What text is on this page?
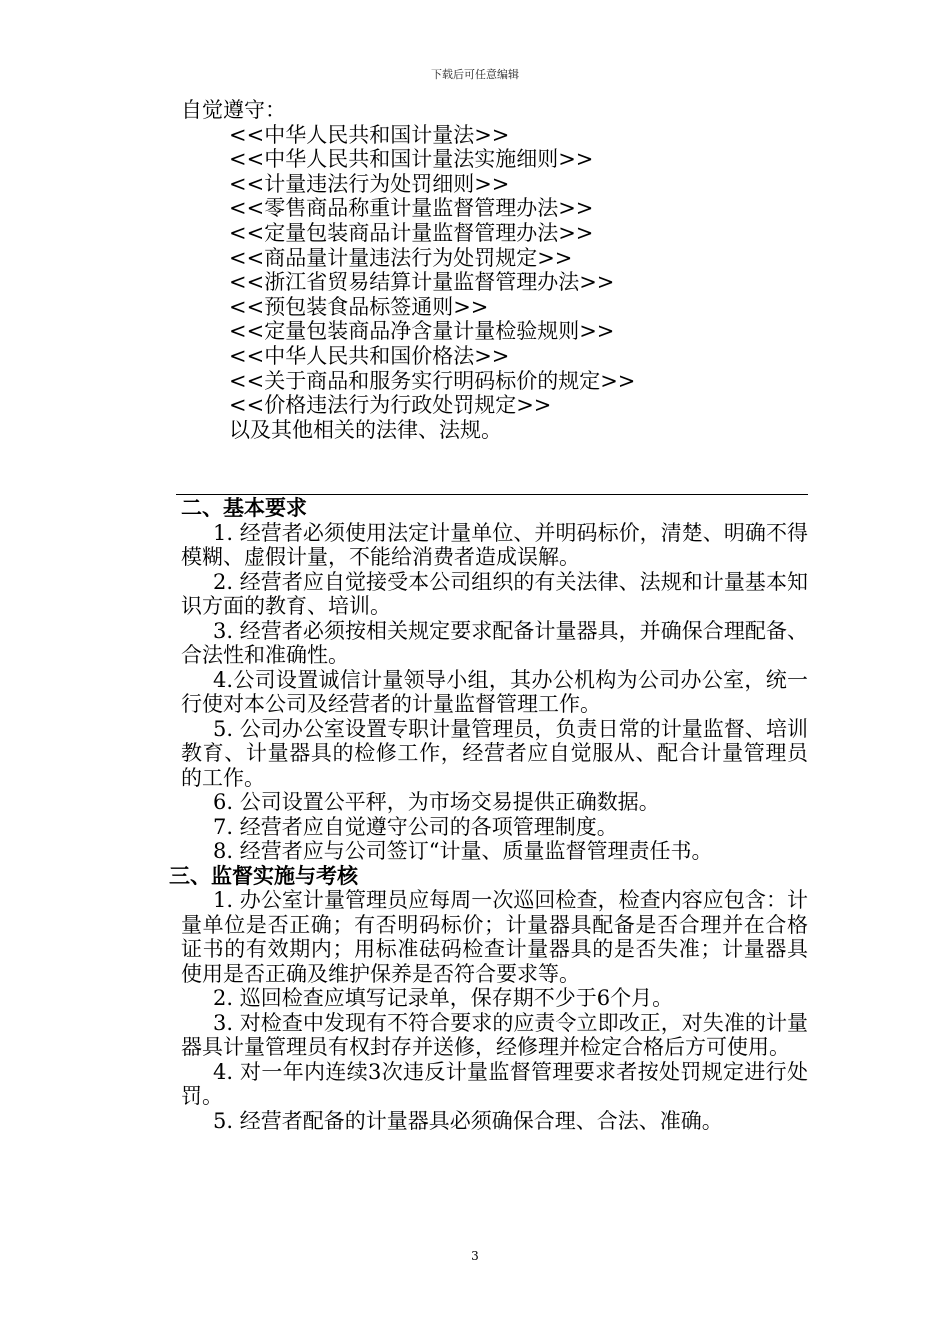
下载后可任意编辑
自觉遵守：
<<中华人民共和国计量法>>
<<中华人民共和国计量法实施细则>>
<<计量违法行为处罚细则>>
<<零售商品称重计量监督管理办法>>
<<定量包装商品计量监督管理办法>>
<<商品量计量违法行为处罚规定>>
<<浙江省贸易结算计量监督管理办法>>
<<预包装食品标签通则>>
<<定量包装商品净含量计量检验规则>>
<<中华人民共和国价格法>>
<<关于商品和服务实行明码标价的规定>>
<<价格违法行为行政处罚规定>>
以及其他相关的法律、法规。
二、基本要求
1. 经营者必须使用法定计量单位、并明码标价，清楚、明确不得模糊、虚假计量，不能给消费者造成误解。
2. 经营者应自觉接受本公司组织的有关法律、法规和计量基本知识方面的教育、培训。
3. 经营者必须按相关规定要求配备计量器具，并确保合理配备、合法性和准确性。
4.公司设置诚信计量领导小组，其办公机构为公司办公室，统一行使对本公司及经营者的计量监督管理工作。
5. 公司办公室设置专职计量管理员，负责日常的计量监督、培训教育、计量器具的检修工作，经营者应自觉服从、配合计量管理员的工作。
6. 公司设置公平秤，为市场交易提供正确数据。
7. 经营者应自觉遵守公司的各项管理制度。
8. 经营者应与公司签订“计量、质量监督管理责任书。
三、监督实施与考核
1. 办公室计量管理员应每周一次巡回检查，检查内容应包含：计量单位是否正确；有否明码标价；计量器具配备是否合理并在合格证书的有效期内；用标准砝码检查计量器具的是否失准；计量器具使用是否正确及维护保养是否符合要求等。
2. 巡回检查应填写记录单，保存期不少于6个月。
3. 对检查中发现有不符合要求的应责令立即改正，对失准的计量器具计量管理员有权封存并送修，经修理并检定合格后方可使用。
4. 对一年内连续3次违反计量监督管理要求者按处罚规定进行处罚。
5. 经营者配备的计量器具必须确保合理、合法、准确。
3
